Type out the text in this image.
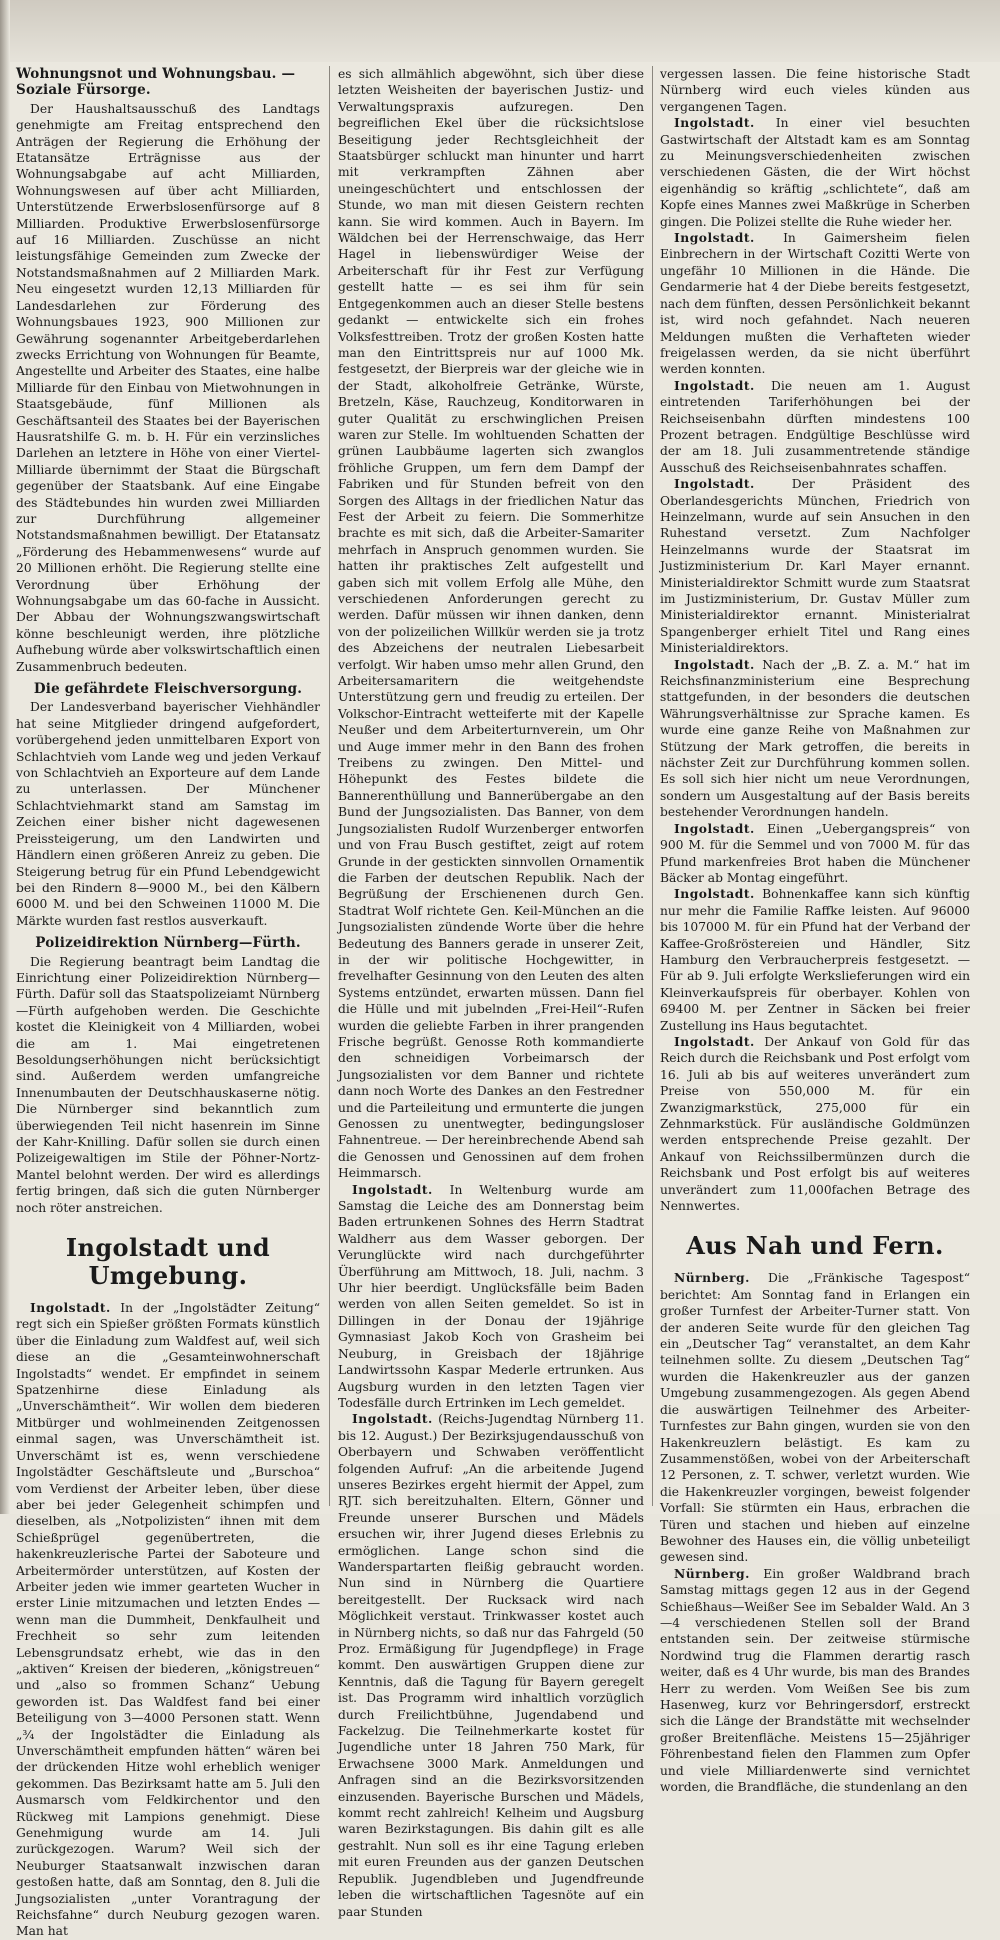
Wohnungsnot und Wohnungsbau. — Soziale Fürsorge.

Der Haushaltsausschuß des Landtags genehmigte am Freitag entsprechend den Anträgen der Regierung die Erhöhung der Etatansätze Erträgnisse aus der Wohnungsabgabe auf acht Milliarden, Wohnungswesen auf über acht Milliarden, Unterstützende Erwerbslosenfürsorge auf 8 Milliarden. Produktive Erwerbslosenfürsorge auf 16 Milliarden. Zuschüsse an nicht leistungsfähige Gemeinden zum Zwecke der Notstandsmaßnahmen auf 2 Milliarden Mark. Neu eingesetzt wurden 12,13 Milliarden für Landesdarlehen zur Förderung des Wohnungsbaues 1923, 900 Millionen zur Gewährung sogenannter Arbeitgeberdarlehen zwecks Errichtung von Wohnungen für Beamte, Angestellte und Arbeiter des Staates, eine halbe Milliarde für den Einbau von Mietwohnungen in Staatsgebäude, fünf Millionen als Geschäftsanteil des Staates bei der Bayerischen Hausratshilfe G. m. b. H. Für ein verzinsliches Darlehen an letztere in Höhe von einer Viertel-Milliarde übernimmt der Staat die Bürgschaft gegenüber der Staatsbank. Auf eine Eingabe des Städtebundes hin wurden zwei Milliarden zur Durchführung allgemeiner Notstandsmaßnahmen bewilligt. Der Etatansatz „Förderung des Hebammenwesens“ wurde auf 20 Millionen erhöht. Die Regierung stellte eine Verordnung über Erhöhung der Wohnungsabgabe um das 60-fache in Aussicht. Der Abbau der Wohnungszwangswirtschaft könne beschleunigt werden, ihre plötzliche Aufhebung würde aber volkswirtschaftlich einen Zusammenbruch bedeuten.

Die gefährdete Fleischversorgung.

Der Landesverband bayerischer Viehhändler hat seine Mitglieder dringend aufgefordert, vorübergehend jeden unmittelbaren Export von Schlachtvieh vom Lande weg und jeden Verkauf von Schlachtvieh an Exporteure auf dem Lande zu unterlassen. Der Münchener Schlachtviehmarkt stand am Samstag im Zeichen einer bisher nicht dagewesenen Preissteigerung, um den Landwirten und Händlern einen größeren Anreiz zu geben. Die Steigerung betrug für ein Pfund Lebendgewicht bei den Rindern 8—9000 M., bei den Kälbern 6000 M. und bei den Schweinen 11000 M. Die Märkte wurden fast restlos ausverkauft.

Polizeidirektion Nürnberg—Fürth.

Die Regierung beantragt beim Landtag die Einrichtung einer Polizeidirektion Nürnberg—Fürth. Dafür soll das Staatspolizeiamt Nürnberg—Fürth aufgehoben werden. Die Geschichte kostet die Kleinigkeit von 4 Milliarden, wobei die am 1. Mai eingetretenen Besoldungserhöhungen nicht berücksichtigt sind. Außerdem werden umfangreiche Innenumbauten der Deutschhauskaserne nötig. Die Nürnberger sind bekanntlich zum überwiegenden Teil nicht hasenrein im Sinne der Kahr-Knilling. Dafür sollen sie durch einen Polizeigewaltigen im Stile der Pöhner-Nortz-Mantel belohnt werden. Der wird es allerdings fertig bringen, daß sich die guten Nürnberger noch röter anstreichen.

Ingolstadt und Umgebung.

Ingolstadt. In der „Ingolstädter Zeitung“ regt sich ein Spießer größten Formats künstlich über die Einladung zum Waldfest auf, weil sich diese an die „Gesamteinwohnerschaft Ingolstadts“ wendet. Er empfindet in seinem Spatzenhirne diese Einladung als „Unverschämtheit“. Wir wollen dem biederen Mitbürger und wohlmeinenden Zeitgenossen einmal sagen, was Unverschämtheit ist. Unverschämt ist es, wenn verschiedene Ingolstädter Geschäftsleute und „Burschoa“ vom Verdienst der Arbeiter leben, über diese aber bei jeder Gelegenheit schimpfen und dieselben, als „Notpolizisten“ ihnen mit dem Schießprügel gegenübertreten, die hakenkreuzlerische Partei der Saboteure und Arbeitermörder unterstützen, auf Kosten der Arbeiter jeden wie immer gearteten Wucher in erster Linie mitzumachen und letzten Endes — wenn man die Dummheit, Denkfaulheit und Frechheit so sehr zum leitenden Lebensgrundsatz erhebt, wie das in den „aktiven“ Kreisen der biederen, „königstreuen“ und „also so frommen Schanz“ Uebung geworden ist. Das Waldfest fand bei einer Beteiligung von 3—4000 Personen statt. Wenn „¾ der Ingolstädter die Einladung als Unverschämtheit empfunden hätten“ wären bei der drückenden Hitze wohl erheblich weniger gekommen. Das Bezirksamt hatte am 5. Juli den Ausmarsch vom Feldkirchentor und den Rückweg mit Lampions genehmigt. Diese Genehmigung wurde am 14. Juli zurückgezogen. Warum? Weil sich der Neuburger Staatsanwalt inzwischen daran gestoßen hatte, daß am Sonntag, den 8. Juli die Jungsozialisten „unter Vorantragung der Reichsfahne“ durch Neuburg gezogen waren. Man hat

es sich allmählich abgewöhnt, sich über diese letzten Weisheiten der bayerischen Justiz- und Verwaltungspraxis aufzuregen. Den begreiflichen Ekel über die rücksichtslose Beseitigung jeder Rechtsgleichheit der Staatsbürger schluckt man hinunter und harrt mit verkrampften Zähnen aber uneingeschüchtert und entschlossen der Stunde, wo man mit diesen Geistern rechten kann. Sie wird kommen. Auch in Bayern. Im Wäldchen bei der Herrenschwaige, das Herr Hagel in liebenswürdiger Weise der Arbeiterschaft für ihr Fest zur Verfügung gestellt hatte — es sei ihm für sein Entgegenkommen auch an dieser Stelle bestens gedankt — entwickelte sich ein frohes Volksfesttreiben. Trotz der großen Kosten hatte man den Eintrittspreis nur auf 1000 Mk. festgesetzt, der Bierpreis war der gleiche wie in der Stadt, alkoholfreie Getränke, Würste, Bretzeln, Käse, Rauchzeug, Konditorwaren in guter Qualität zu erschwinglichen Preisen waren zur Stelle. Im wohltuenden Schatten der grünen Laubbäume lagerten sich zwanglos fröhliche Gruppen, um fern dem Dampf der Fabriken und für Stunden befreit von den Sorgen des Alltags in der friedlichen Natur das Fest der Arbeit zu feiern. Die Sommerhitze brachte es mit sich, daß die Arbeiter-Samariter mehrfach in Anspruch genommen wurden. Sie hatten ihr praktisches Zelt aufgestellt und gaben sich mit vollem Erfolg alle Mühe, den verschiedenen Anforderungen gerecht zu werden. Dafür müssen wir ihnen danken, denn von der polizeilichen Willkür werden sie ja trotz des Abzeichens der neutralen Liebesarbeit verfolgt. Wir haben umso mehr allen Grund, den Arbeitersamaritern die weitgehendste Unterstützung gern und freudig zu erteilen. Der Volkschor-Eintracht wetteiferte mit der Kapelle Neußer und dem Arbeiterturnverein, um Ohr und Auge immer mehr in den Bann des frohen Treibens zu zwingen. Den Mittel- und Höhepunkt des Festes bildete die Bannerenthüllung und Bannerübergabe an den Bund der Jungsozialisten. Das Banner, von dem Jungsozialisten Rudolf Wurzenberger entworfen und von Frau Busch gestiftet, zeigt auf rotem Grunde in der gestickten sinnvollen Ornamentik die Farben der deutschen Republik. Nach der Begrüßung der Erschienenen durch Gen. Stadtrat Wolf richtete Gen. Keil-München an die Jungsozialisten zündende Worte über die hehre Bedeutung des Banners gerade in unserer Zeit, in der wir politische Hochgewitter, in frevelhafter Gesinnung von den Leuten des alten Systems entzündet, erwarten müssen. Dann fiel die Hülle und mit jubelnden „Frei-Heil“-Rufen wurden die geliebte Farben in ihrer prangenden Frische begrüßt. Genosse Roth kommandierte den schneidigen Vorbeimarsch der Jungsozialisten vor dem Banner und richtete dann noch Worte des Dankes an den Festredner und die Parteileitung und ermunterte die jungen Genossen zu unentwegter, bedingungsloser Fahnentreue. — Der hereinbrechende Abend sah die Genossen und Genossinen auf dem frohen Heimmarsch.

Ingolstadt. In Weltenburg wurde am Samstag die Leiche des am Donnerstag beim Baden ertrunkenen Sohnes des Herrn Stadtrat Waldherr aus dem Wasser geborgen. Der Verunglückte wird nach durchgeführter Überführung am Mittwoch, 18. Juli, nachm. 3 Uhr hier beerdigt. Unglücksfälle beim Baden werden von allen Seiten gemeldet. So ist in Dillingen in der Donau der 19jährige Gymnasiast Jakob Koch von Grasheim bei Neuburg, in Greisbach der 18jährige Landwirtssohn Kaspar Mederle ertrunken. Aus Augsburg wurden in den letzten Tagen vier Todesfälle durch Ertrinken im Lech gemeldet.

Ingolstadt. (Reichs-Jugendtag Nürnberg 11. bis 12. August.) Der Bezirksjugendausschuß von Oberbayern und Schwaben veröffentlicht folgenden Aufruf: „An die arbeitende Jugend unseres Bezirkes ergeht hiermit der Appel, zum RJT. sich bereitzuhalten. Eltern, Gönner und Freunde unserer Burschen und Mädels ersuchen wir, ihrer Jugend dieses Erlebnis zu ermöglichen. Lange schon sind die Wanderspartarten fleißig gebraucht worden. Nun sind in Nürnberg die Quartiere bereitgestellt. Der Rucksack wird nach Möglichkeit verstaut. Trinkwasser kostet auch in Nürnberg nichts, so daß nur das Fahrgeld (50 Proz. Ermäßigung für Jugendpflege) in Frage kommt. Den auswärtigen Gruppen diene zur Kenntnis, daß die Tagung für Bayern geregelt ist. Das Programm wird inhaltlich vorzüglich durch Freilichtbühne, Jugendabend und Fackelzug. Die Teilnehmerkarte kostet für Jugendliche unter 18 Jahren 750 Mark, für Erwachsene 3000 Mark. Anmeldungen und Anfragen sind an die Bezirksvorsitzenden einzusenden. Bayerische Burschen und Mädels, kommt recht zahlreich! Kelheim und Augsburg waren Bezirkstagungen. Bis dahin gilt es alle gestrahlt. Nun soll es ihr eine Tagung erleben mit euren Freunden aus der ganzen Deutschen Republik. Jugendbleben und Jugendfreunde leben die wirtschaftlichen Tagesnöte auf ein paar Stunden

vergessen lassen. Die feine historische Stadt Nürnberg wird euch vieles künden aus vergangenen Tagen.

Ingolstadt. In einer viel besuchten Gastwirtschaft der Altstadt kam es am Sonntag zu Meinungsverschiedenheiten zwischen verschiedenen Gästen, die der Wirt höchst eigenhändig so kräftig „schlichtete“, daß am Kopfe eines Mannes zwei Maßkrüge in Scherben gingen. Die Polizei stellte die Ruhe wieder her.

Ingolstadt. In Gaimersheim fielen Einbrechern in der Wirtschaft Cozitti Werte von ungefähr 10 Millionen in die Hände. Die Gendarmerie hat 4 der Diebe bereits festgesetzt, nach dem fünften, dessen Persönlichkeit bekannt ist, wird noch gefahndet. Nach neueren Meldungen mußten die Verhafteten wieder freigelassen werden, da sie nicht überführt werden konnten.

Ingolstadt. Die neuen am 1. August eintretenden Tariferhöhungen bei der Reichseisenbahn dürften mindestens 100 Prozent betragen. Endgültige Beschlüsse wird der am 18. Juli zusammentretende ständige Ausschuß des Reichseisenbahnrates schaffen.

Ingolstadt.	Der Präsident des Oberlandesgerichts München, Friedrich von Heinzelmann, wurde auf sein Ansuchen in den Ruhestand versetzt. Zum Nachfolger Heinzelmanns wurde der Staatsrat im Justizministerium Dr. Karl Mayer ernannt. Ministerialdirektor Schmitt wurde zum Staatsrat im Justizministerium, Dr. Gustav Müller zum Ministerialdirektor ernannt. Ministerialrat Spangenberger erhielt Titel und Rang eines Ministerialdirektors.

Ingolstadt. Nach der „B. Z. a. M.“ hat im Reichsfinanzministerium eine Besprechung stattgefunden, in der besonders die deutschen Währungsverhältnisse zur Sprache kamen. Es wurde eine ganze Reihe von Maßnahmen zur Stützung der Mark getroffen, die bereits in nächster Zeit zur Durchführung kommen sollen. Es soll sich hier nicht um neue Verordnungen, sondern um Ausgestaltung auf der Basis bereits bestehender Verordnungen handeln.

Ingolstadt. Einen „Uebergangspreis“ von 900 M. für die Semmel und von 7000 M. für das Pfund markenfreies Brot haben die Münchener Bäcker ab Montag eingeführt.

Ingolstadt. Bohnenkaffee kann sich künftig nur mehr die Familie Raffke leisten. Auf 96000 bis 107000 M. für ein Pfund hat der Verband der Kaffee-Großröstereien und Händler, Sitz Hamburg den Verbraucherpreis festgesetzt. — Für ab 9. Juli erfolgte Werkslieferungen wird ein Kleinverkaufspreis für oberbayer. Kohlen von 69400 M. per Zentner in Säcken bei freier Zustellung ins Haus begutachtet.

Ingolstadt. Der Ankauf von Gold für das Reich durch die Reichsbank und Post erfolgt vom 16. Juli ab bis auf weiteres unverändert zum Preise von 550,000 M. für ein Zwanzigmarkstück, 275,000 für ein Zehnmarkstück. Für ausländische Goldmünzen werden entsprechende Preise gezahlt. Der Ankauf von Reichssilbermünzen durch die Reichsbank und Post erfolgt bis auf weiteres unverändert zum 11,000fachen Betrage des Nennwertes.

Aus Nah und Fern.

Nürnberg. Die „Fränkische Tagespost“ berichtet: Am Sonntag fand in Erlangen ein großer Turnfest der Arbeiter-Turner statt. Von der anderen Seite wurde für den gleichen Tag ein „Deutscher Tag“ veranstaltet, an dem Kahr teilnehmen sollte. Zu diesem „Deutschen Tag“ wurden die Hakenkreuzler aus der ganzen Umgebung zusammengezogen. Als gegen Abend die auswärtigen Teilnehmer des Arbeiter-Turnfestes zur Bahn gingen, wurden sie von den Hakenkreuzlern belästigt. Es kam zu Zusammenstößen, wobei von der Arbeiterschaft 12 Personen, z. T. schwer, verletzt wurden. Wie die Hakenkreuzler vorgingen, beweist folgender Vorfall: Sie stürmten ein Haus, erbrachen die Türen und stachen und hieben auf einzelne Bewohner des Hauses ein, die völlig unbeteiligt gewesen sind.

Nürnberg. Ein großer Waldbrand brach Samstag mittags gegen 12 aus in der Gegend Schießhaus—Weißer See im Sebalder Wald. An 3—4 verschiedenen Stellen soll der Brand entstanden sein. Der zeitweise stürmische Nordwind trug die Flammen derartig rasch weiter, daß es 4 Uhr wurde, bis man des Brandes Herr zu werden. Vom Weißen See bis zum Hasenweg, kurz vor Behringersdorf, erstreckt sich die Länge der Brandstätte mit wechselnder großer Breitenfläche. Meistens 15—25jähriger Föhrenbestand fielen den Flammen zum Opfer und viele Milliardenwerte sind vernichtet worden, die Brandfläche, die stundenlang an den
